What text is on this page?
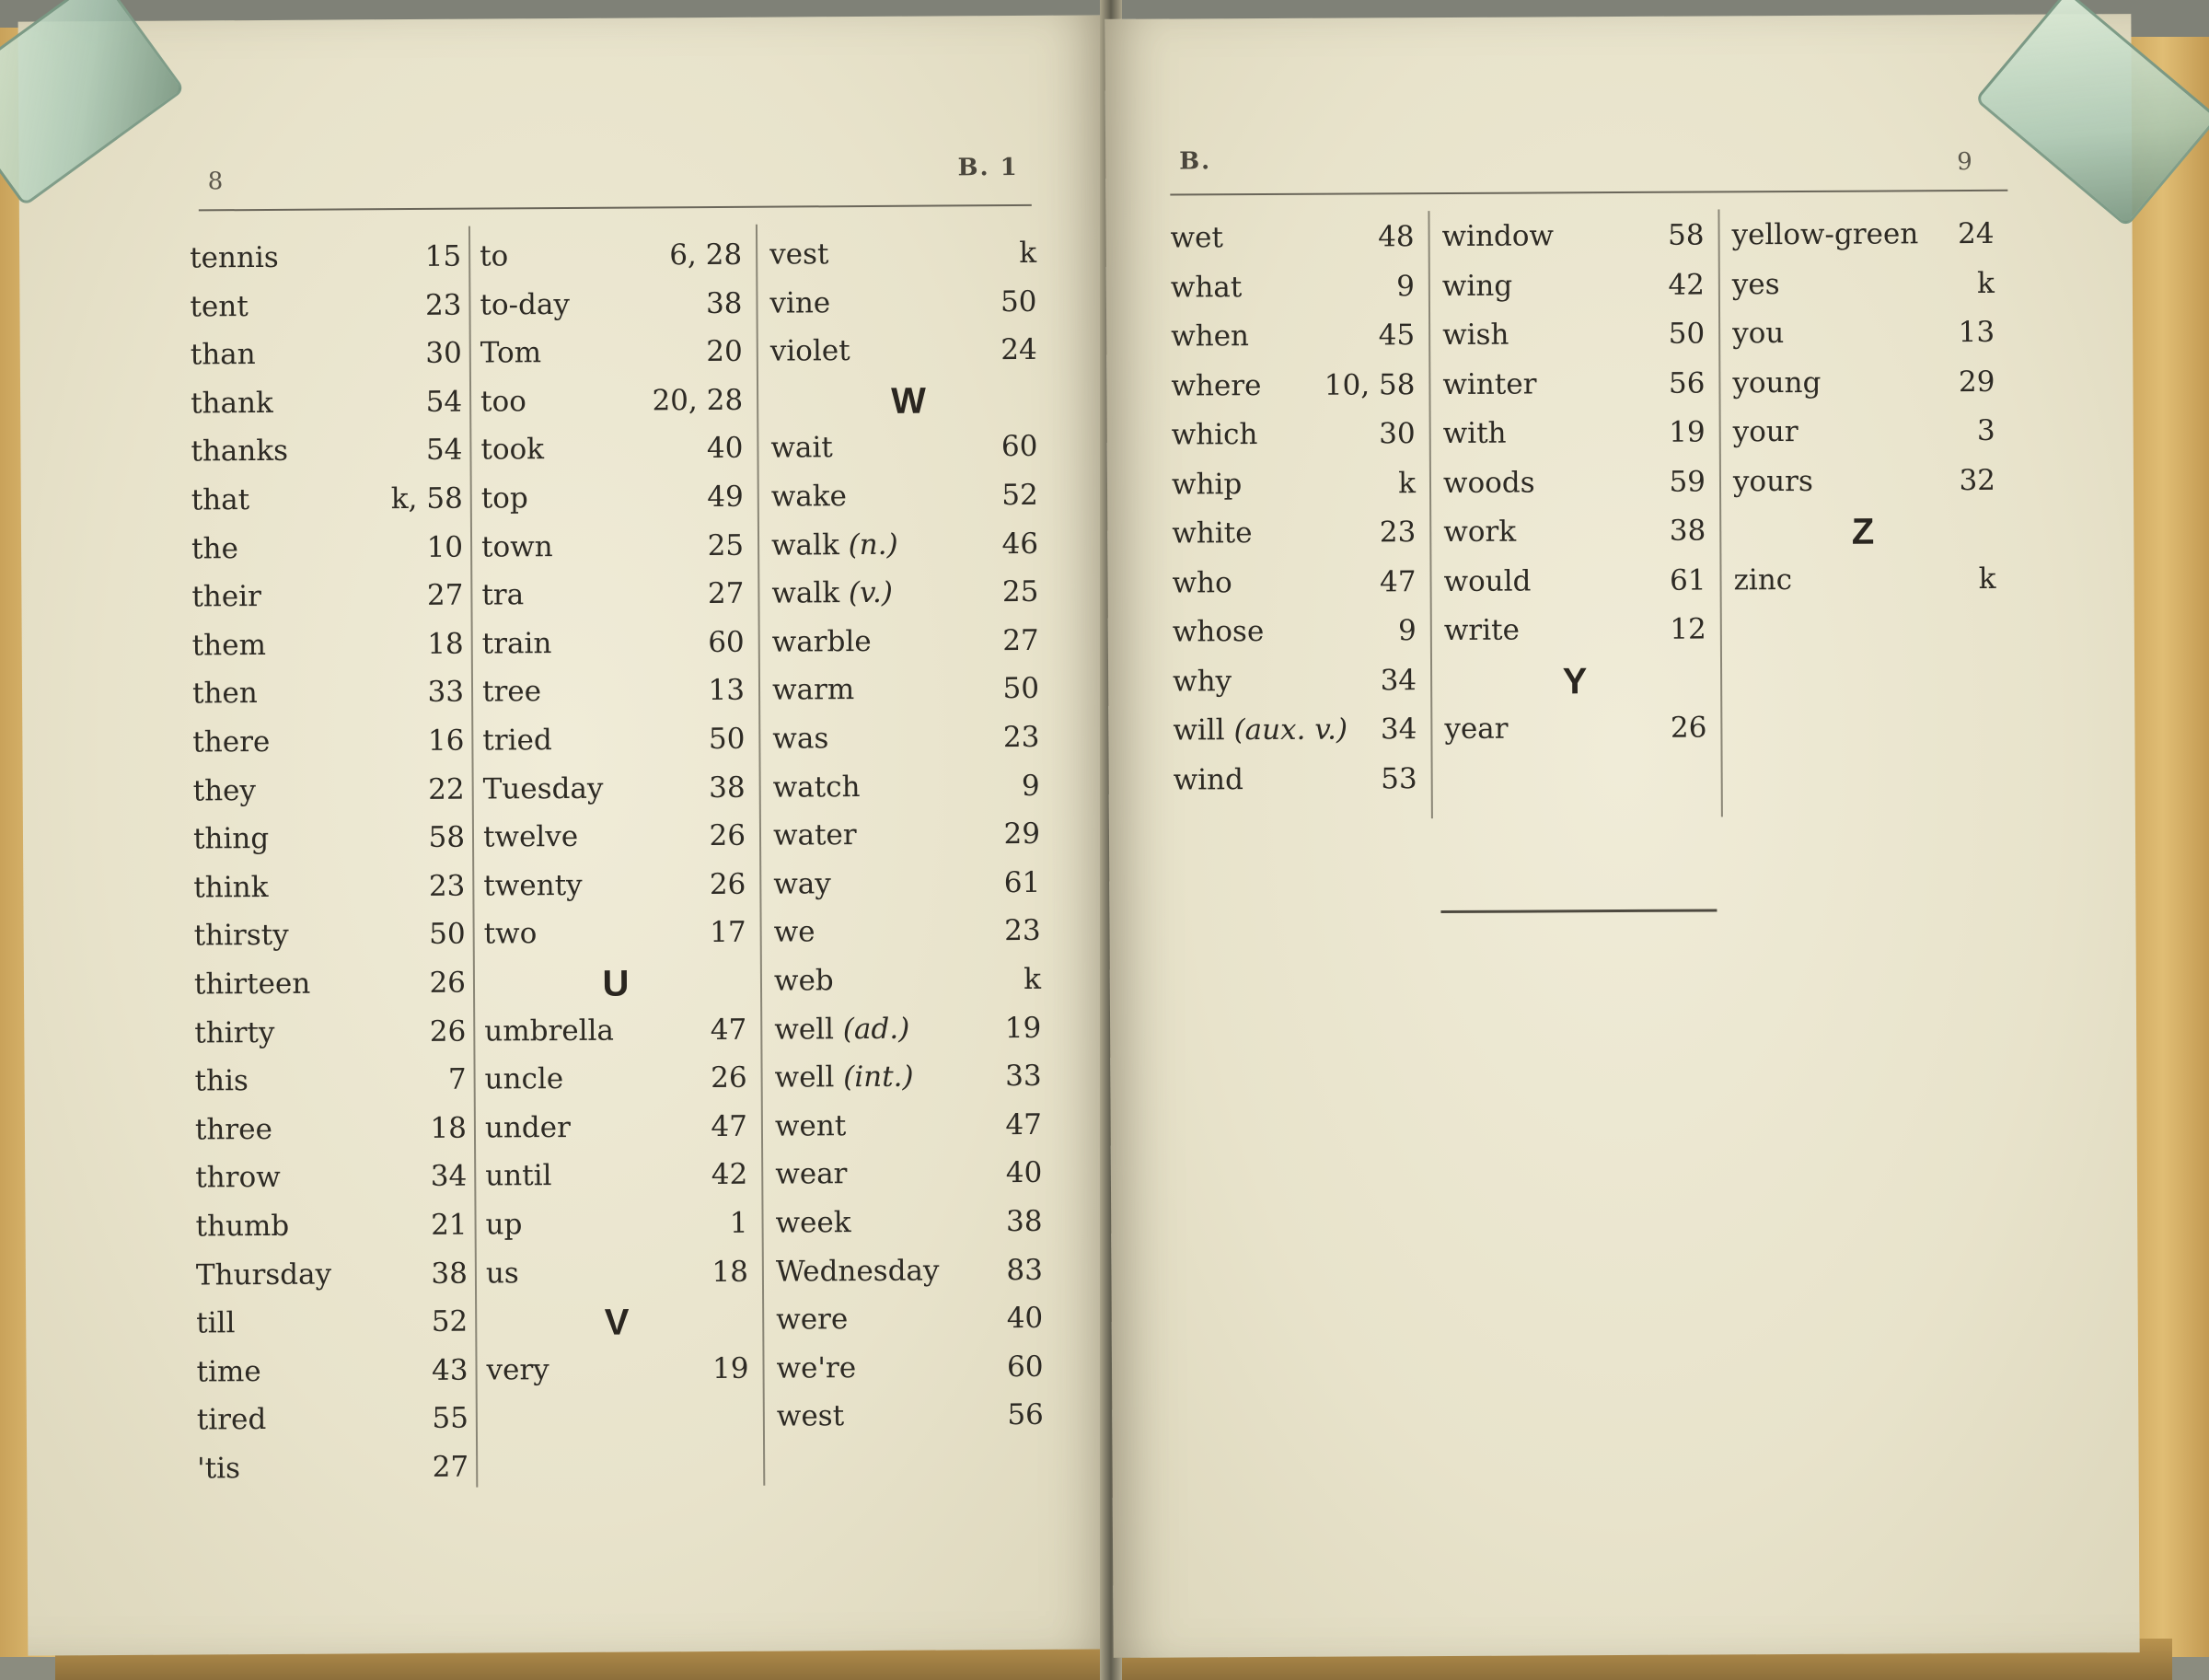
8	B. 1
tennis	15
tent	23
than	30
thank	54
thanks	54
that	k, 58
the	10
their	27
them	18
then	33
there	16
they	22
thing	58
think	23
thirsty	50
thirteen	26
thirty	26
this	7
three	18
throw	34
thumb	21
Thursday	38
till	52
time	43
tired	55
'tis	27
to	6, 28
to-day	38
Tom	20
too	20, 28
took	40
top	49
town	25
tra	27
train	60
tree	13
tried	50
Tuesday	38
twelve	26
twenty	26
two	17
U
umbrella	47
uncle	26
under	47
until	42
up	1
us	18
V
very	19
vest	k
vine	50
violet	24
W
wait	60
wake	52
walk (n.)	46
walk (v.)	25
warble	27
warm	50
was	23
watch	9
water	29
way	61
we	23
web	k
well (ad.)	19
well (int.)	33
went	47
wear	40
week	38
Wednesday 83
were	40
we're	60
west	56
B.	9
wet	48
what	9
when	45
where 10, 58
which	30
whip	k
white	23
who	47
whose	9
why	34
will (aux. v.) 34
wind	53
window	58
wing	42
wish	50
winter	56
with	19
woods	59
work	38
would	61
write	12
Y
year	26
yellow-green 24
yes	k
you	13
young	29
your	3
yours	32
Z
zinc	k
